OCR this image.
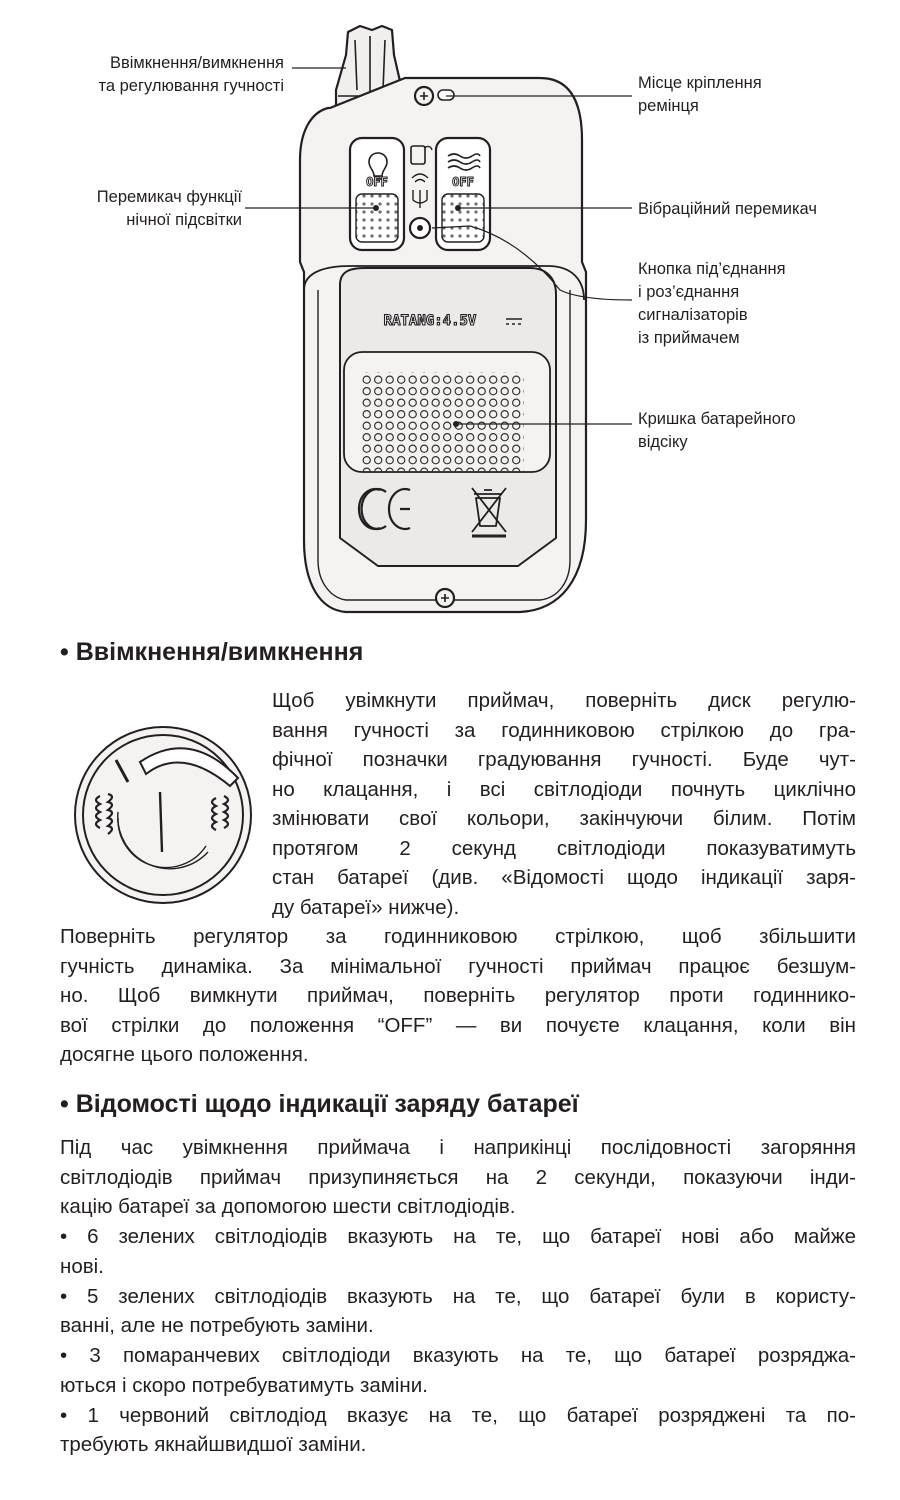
OFF	OFF
RATANG:4.5V
Ввімкнення/вимкнення
та регулювання гучності	Місце кріплення
ремінця
Перемикач функції
нічної підсвітки
Вібраційний перемикач
Кнопка під’єднання
і роз’єднання
сигналізаторів
із приймачем
Кришка батарейного
відсіку
• Ввімкнення/вимкнення
Щоб увімкнути приймач, поверніть диск регулю-
вання гучності за годинниковою стрілкою до гра-
фічної позначки градуювання гучності. Буде чут-
но клацання, і всі світлодіоди почнуть циклічно
змінювати свої кольори, закінчуючи білим. Потім
протягом 2 секунд світлодіоди показуватимуть
стан батареї (див. «Відомості щодо індикації заря-
ду батареї» нижче).
Поверніть регулятор за годинниковою стрілкою, щоб збільшити
гучність динаміка. За мінімальної гучності приймач працює безшум-
но. Щоб вимкнути приймач, поверніть регулятор проти годиннико-
вої стрілки до положення “OFF” — ви почуєте клацання, коли він
досягне цього положення.
• Відомості щодо індикації заряду батареї
Під час увімкнення приймача і наприкінці послідовності загоряння
світлодіодів приймач призупиняється на 2 секунди, показуючи інди-
кацію батареї за допомогою шести світлодіодів.
• 6 зелених світлодіодів вказують на те, що батареї нові або майже
нові.
• 5 зелених світлодіодів вказують на те, що батареї були в користу-
ванні, але не потребують заміни.
• 3 помаранчевих світлодіоди вказують на те, що батареї розряджа-
ються і скоро потребуватимуть заміни.
• 1 червоний світлодіод вказує на те, що батареї розряджені та по-
требують якнайшвидшої заміни.
